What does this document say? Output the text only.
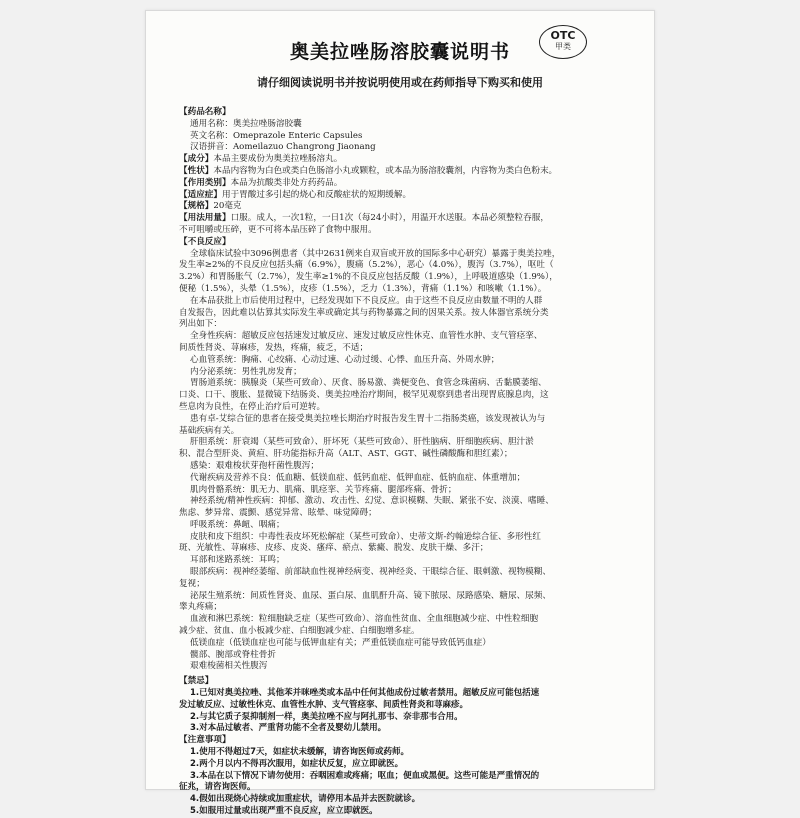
奥美拉唑肠溶胶囊说明书
OTC
甲类
请仔细阅读说明书并按说明使用或在药师指导下购买和使用
【药品名称】
通用名称：奥美拉唑肠溶胶囊
英文名称：Omeprazole Enteric Capsules
汉语拼音：Aomeilazuo Changrong Jiaonang
【成分】本品主要成份为奥美拉唑肠溶丸。
【性状】本品内容物为白色或类白色肠溶小丸或颗粒，或本品为肠溶胶囊剂，内容物为类白色粉末。
【作用类别】本品为抗酸类非处方药药品。
【适应症】用于胃酸过多引起的烧心和反酸症状的短期缓解。
【规格】20毫克
【用法用量】口服。成人，一次1粒，一日1次（每24小时），用温开水送服。本品必须整粒吞服，
不可咀嚼或压碎，更不可将本品压碎了食物中服用。
【不良反应】
全球临床试验中3096例患者（其中2631例来自双盲或开放的国际多中心研究）暴露于奥美拉唑，
发生率≥2%的不良反应包括头痛（6.9%），腹痛（5.2%），恶心（4.0%），腹泻（3.7%），呕吐（
3.2%）和胃肠胀气（2.7%），发生率≥1%的不良反应包括反酸（1.9%），上呼吸道感染（1.9%），
便秘（1.5%），头晕（1.5%），皮疹（1.5%），乏力（1.3%），背痛（1.1%）和咳嗽（1.1%）。
在本品获批上市后使用过程中，已经发现如下不良反应。由于这些不良反应由数量不明的人群
自发报告，因此难以估算其实际发生率或确定其与药物暴露之间的因果关系。按人体器官系统分类
列出如下：
全身性疾病：超敏反应包括速发过敏反应、速发过敏反应性休克、血管性水肿、支气管痉挛、
间质性肾炎、荨麻疹，发热，疼痛，疲乏，不适；
心血管系统：胸痛、心绞痛、心动过速、心动过缓、心悸、血压升高、外周水肿；
内分泌系统：男性乳房发育；
胃肠道系统：胰腺炎（某些可致命）、厌食、肠易激、粪便变色、食管念珠菌病、舌黏膜萎缩、
口炎、口干、腹胀、显微镜下结肠炎、奥美拉唑治疗期间，极罕见观察到患者出现胃底腺息肉，这
些息肉为良性，在停止治疗后可逆转。
患有卓-艾综合征的患者在接受奥美拉唑长期治疗时报告发生胃十二指肠类癌，该发现被认为与
基础疾病有关。
肝胆系统：肝衰竭（某些可致命）、肝坏死（某些可致命）、肝性脑病、肝细胞疾病、胆汁淤
积、混合型肝炎、黄疸、肝功能指标升高（ALT、AST、GGT、碱性磷酸酶和胆红素）；
感染：艰难梭状芽孢杆菌性腹泻；
代谢疾病及营养不良：低血糖、低镁血症、低钙血症、低钾血症、低钠血症、体重增加；
肌肉骨骼系统：肌无力、肌痛、肌痉挛、关节疼痛、腿部疼痛、骨折；
神经系统/精神性疾病：抑郁、激动、攻击性、幻觉、意识模糊、失眠、紧张不安、淡漠、嗜睡、
焦虑、梦异常、震颤、感觉异常、眩晕、味觉障碍；
呼吸系统：鼻衄、咽痛；
皮肤和皮下组织：中毒性表皮坏死松解症（某些可致命）、史蒂文斯-约翰逊综合征、多形性红
斑、光敏性、荨麻疹、皮疹、皮炎、瘙痒、瘀点、紫癜、脱发、皮肤干燥、多汗；
耳部和迷路系统：耳鸣；
眼部疾病：视神经萎缩、前部缺血性视神经病变、视神经炎、干眼综合征、眼刺激、视物模糊、
复视；
泌尿生殖系统：间质性肾炎、血尿、蛋白尿、血肌酐升高、镜下脓尿、尿路感染、糖尿、尿频、
睾丸疼痛；
血液和淋巴系统：粒细胞缺乏症（某些可致命）、溶血性贫血、全血细胞减少症、中性粒细胞
减少症、贫血、血小板减少症、白细胞减少症、白细胞增多症。
低镁血症（低镁血症也可能与低钾血症有关；严重低镁血症可能导致低钙血症）
髋部、腕部或脊柱骨折
艰难梭菌相关性腹泻
【禁忌】
1.已知对奥美拉唑、其他苯并咪唑类或本品中任何其他成份过敏者禁用。超敏反应可能包括速
发过敏反应、过敏性休克、血管性水肿、支气管痉挛、间质性肾炎和荨麻疹。
2.与其它质子泵抑制剂一样，奥美拉唑不应与阿扎那韦、奈非那韦合用。
3.对本品过敏者、严重肾功能不全者及婴幼儿禁用。
【注意事项】
1.使用不得超过7天，如症状未缓解，请咨询医师或药师。
2.两个月以内不得再次服用，如症状反复，应立即就医。
3.本品在以下情况下请勿使用：吞咽困难或疼痛；呕血；便血或黑便。这些可能是严重情况的
征兆，请咨询医师。
4.假如出现烧心持续或加重症状，请停用本品并去医院就诊。
5.如服用过量或出现严重不良反应，应立即就医。
